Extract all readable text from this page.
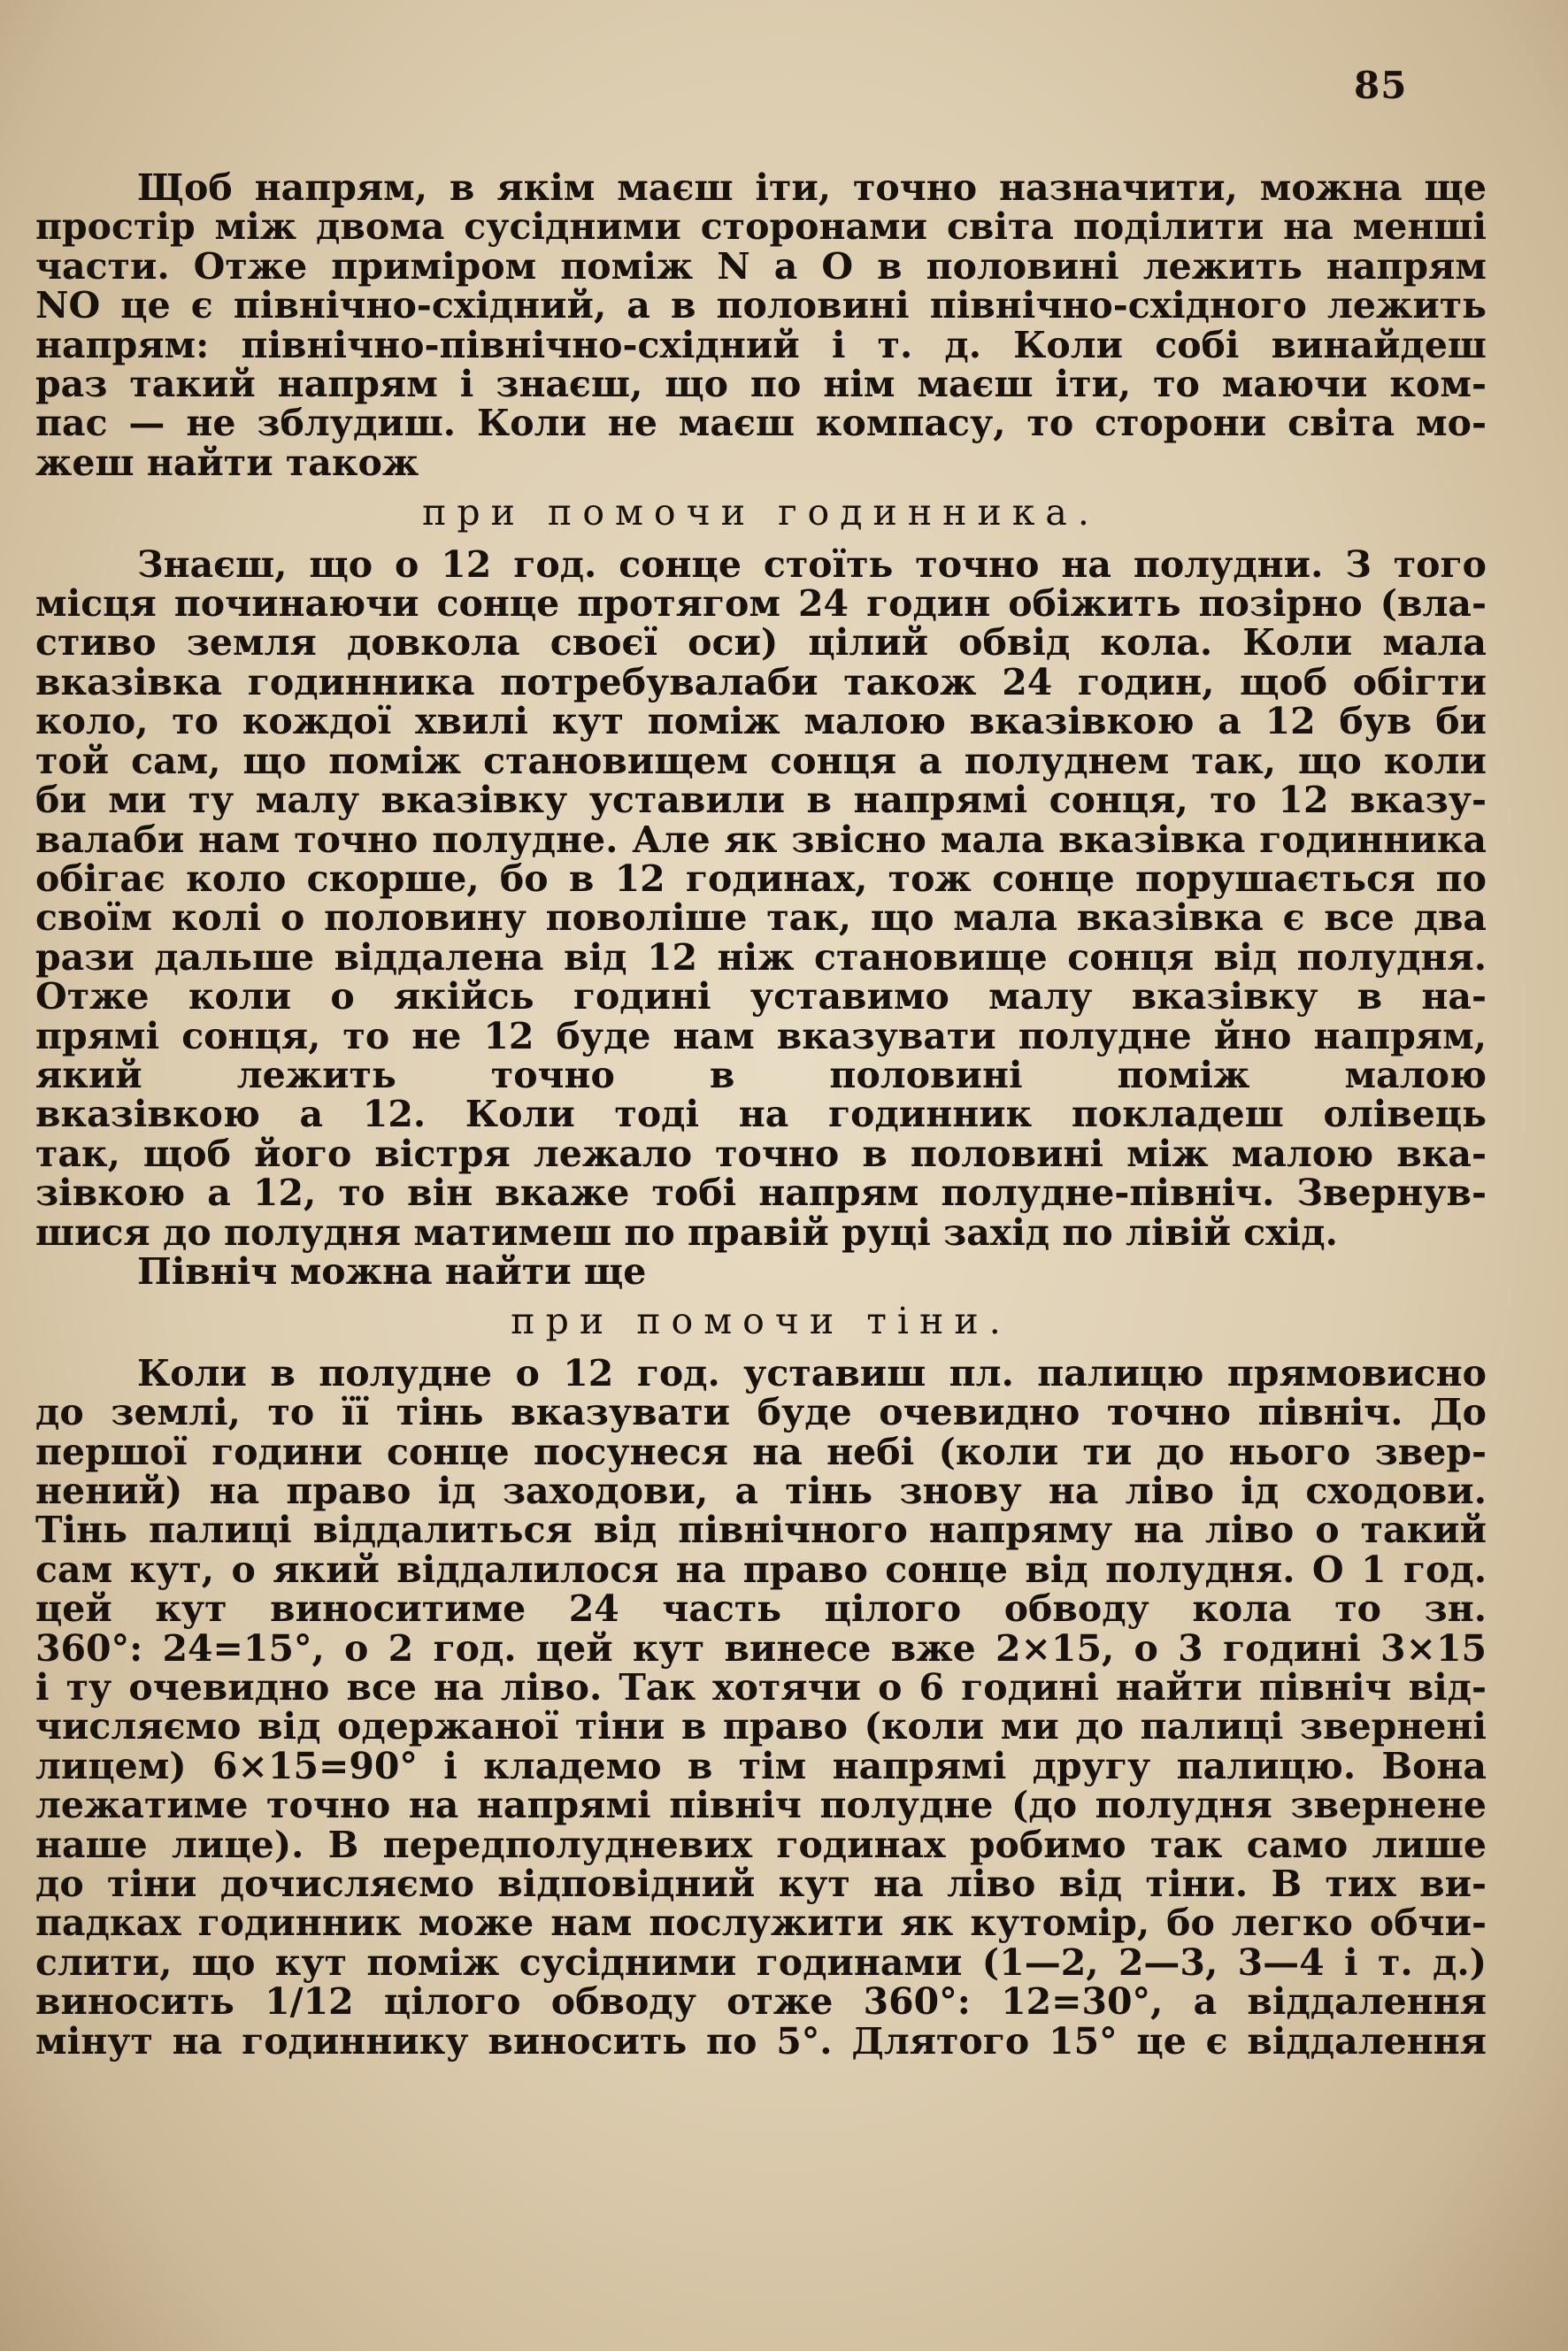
85
Щоб напрям, в якім маєш іти, точно назначити, можна ще
простір між двома сусідними сторонами світа поділити на менші
части. Отже приміром поміж N а O в половині лежить напрям
NO це є північно-східний, а в половині північно-східного лежить
напрям: північно-північно-східний і т. д. Коли собі винайдеш
раз такий напрям і знаєш, що по нім маєш іти, то маючи ком-
пас — не зблудиш. Коли не маєш компасу, то сторони світа мо-
жеш найти також
при помочи годинника.
Знаєш, що о 12 год. сонце стоїть точно на полудни. З того
місця починаючи сонце протягом 24 годин обіжить позірно (вла-
стиво земля довкола своєї оси) цілий обвід кола. Коли мала
вказівка годинника потребувалаби також 24 годин, щоб обігти
коло, то кождої хвилі кут поміж малою вказівкою а 12 був би
той сам, що поміж становищем сонця а полуднем так, що коли
би ми ту малу вказівку уставили в напрямі сонця, то 12 вказу-
валаби нам точно полудне. Але як звісно мала вказівка годинника
обігає коло скорше, бо в 12 годинах, тож сонце порушається по
своїм колі о половину поволіше так, що мала вказівка є все два
рази дальше віддалена від 12 ніж становище сонця від полудня.
Отже коли о якійсь годині уставимо малу вказівку в на-
прямі сонця, то не 12 буде нам вказувати полудне йно напрям,
який лежить точно в половині поміж малою
вказівкою а 12. Коли тоді на годинник покладеш олівець
так, щоб його вістря лежало точно в половині між малою вка-
зівкою а 12, то він вкаже тобі напрям полудне-північ. Звернув-
шися до полудня матимеш по правій руці захід по лівій схід.
Північ можна найти ще
при помочи тіни.
Коли в полудне о 12 год. уставиш пл. палицю прямовисно
до землі, то її тінь вказувати буде очевидно точно північ. До
першої години сонце посунеся на небі (коли ти до нього звер-
нений) на право ід заходови, а тінь знову на ліво ід сходови.
Тінь палиці віддалиться від північного напряму на ліво о такий
сам кут, о який віддалилося на право сонце від полудня. О 1 год.
цей кут виноситиме 24 часть цілого обводу кола то зн.
360°: 24=15°, о 2 год. цей кут винесе вже 2×15, о 3 годині 3×15
і ту очевидно все на ліво. Так хотячи о 6 годині найти північ від-
числяємо від одержаної тіни в право (коли ми до палиці звернені
лицем) 6×15=90° і кладемо в тім напрямі другу палицю. Вона
лежатиме точно на напрямі північ полудне (до полудня звернене
наше лице). В передполудневих годинах робимо так само лише
до тіни дочисляємо відповідний кут на ліво від тіни. В тих ви-
падках годинник може нам послужити як кутомір, бо легко обчи-
слити, що кут поміж сусідними годинами (1—2, 2—3, 3—4 і т. д.)
виносить 1/12 цілого обводу отже 360°: 12=30°, а віддалення
мінут на годиннику виносить по 5°. Длятого 15° це є віддалення
